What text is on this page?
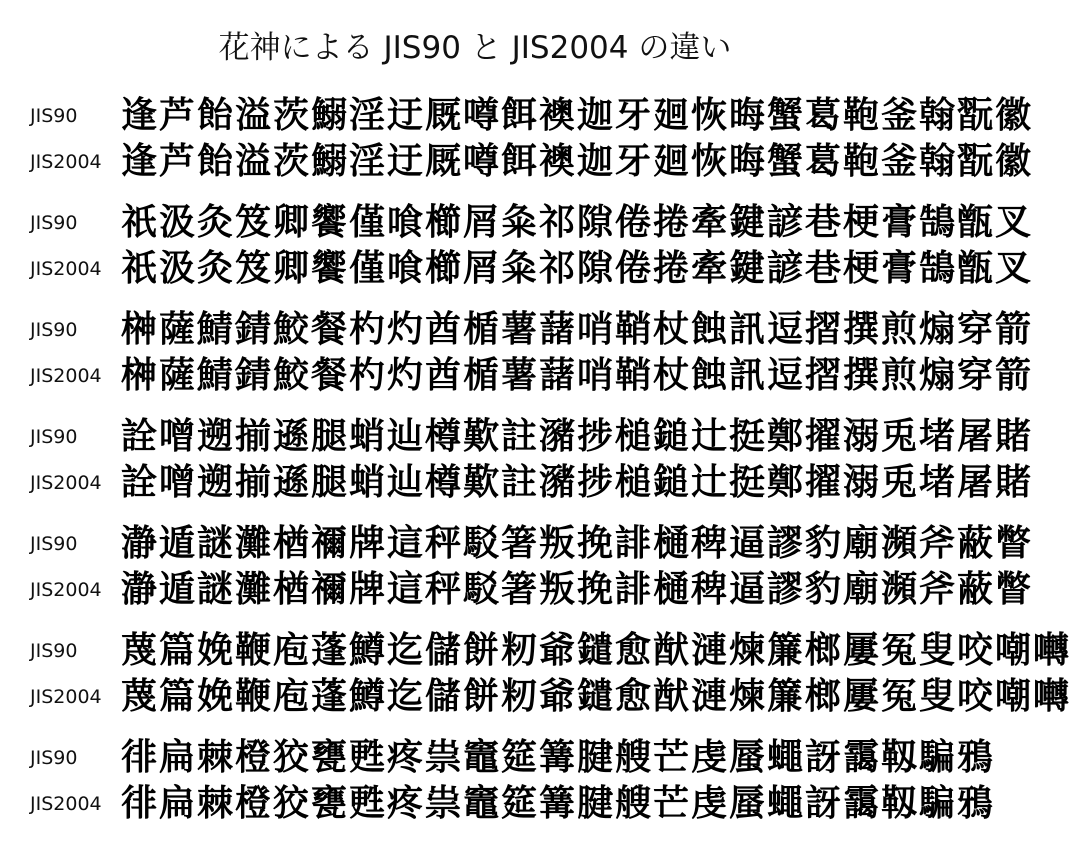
花神による JIS90 と JIS2004 の違い
JIS90 逢芦飴溢茨鰯淫迂厩噂餌襖迦牙廻恢晦蟹葛鞄釜翰翫徽
JIS2004 逢芦飴溢茨鰯淫迂厩噂餌襖迦牙廻恢晦蟹葛鞄釜翰翫徽
JIS90 祇汲灸笈卿饗僅喰櫛屑粂祁隙倦捲牽鍵諺巷梗膏鵠甑叉
JIS2004 祇汲灸笈卿饗僅喰櫛屑粂祁隙倦捲牽鍵諺巷梗膏鵠甑叉
JIS90 榊薩鯖錆鮫餐杓灼酋楯薯藷哨鞘杖蝕訊逗摺撰煎煽穿箭
JIS2004 榊薩鯖錆鮫餐杓灼酋楯薯藷哨鞘杖蝕訊逗摺撰煎煽穿箭
JIS90 詮噌遡揃遜腿蛸辿樽歎註瀦捗槌鎚辻挺鄭擢溺兎堵屠賭
JIS2004 詮噌遡揃遜腿蛸辿樽歎註瀦捗槌鎚辻挺鄭擢溺兎堵屠賭
JIS90 瀞遁謎灘楢禰牌這秤駁箸叛挽誹樋稗逼謬豹廟瀕斧蔽瞥
JIS2004 瀞遁謎灘楢禰牌這秤駁箸叛挽誹樋稗逼謬豹廟瀕斧蔽瞥
JIS90 蔑篇娩鞭庖蓬鱒迄儲餅籾爺鑓愈猷漣煉簾榔屢冤叟咬嘲囀
JIS2004 蔑篇娩鞭庖蓬鱒迄儲餅籾爺鑓愈猷漣煉簾榔屢冤叟咬嘲囀
JIS90 徘扁棘橙狡甕甦疼祟竈筵篝腱艘芒虔蜃蠅訝靄靱騙鴉
JIS2004 徘扁棘橙狡甕甦疼祟竈筵篝腱艘芒虔蜃蠅訝靄靱騙鴉
